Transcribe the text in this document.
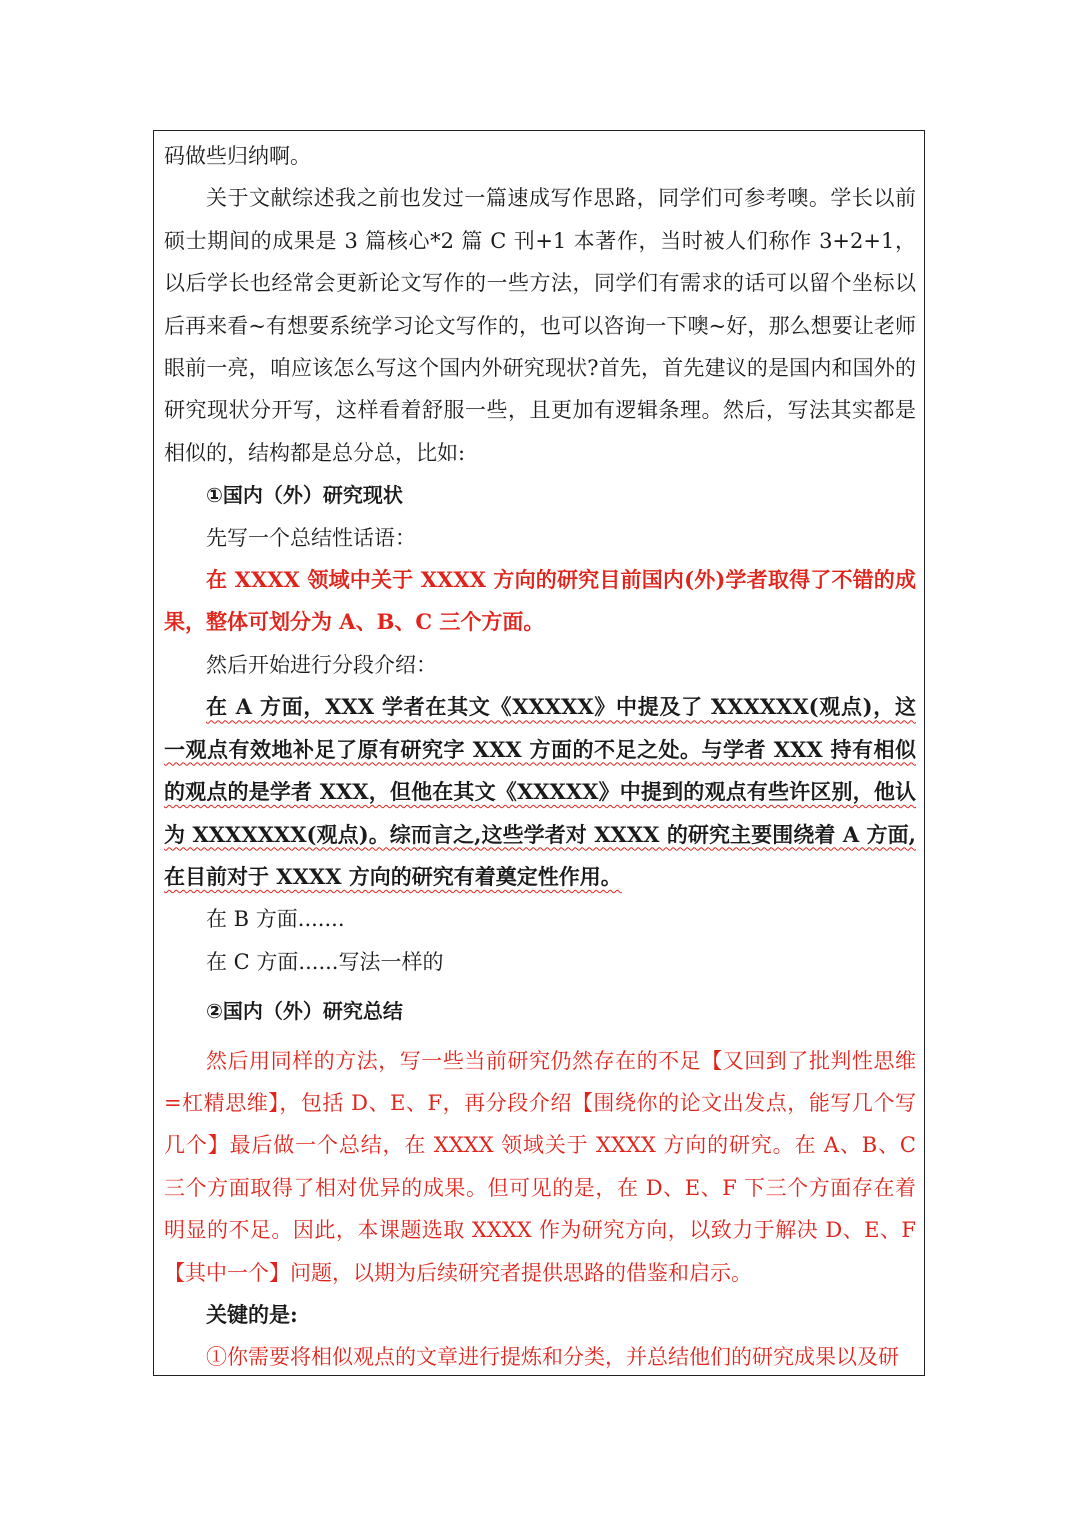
码做些归纳啊。

关于文献综述我之前也发过一篇速成写作思路，同学们可参考噢。学长以前硕士期间的成果是 3 篇核心*2 篇 C 刊+1 本著作，当时被人们称作 3+2+1，以后学长也经常会更新论文写作的一些方法，同学们有需求的话可以留个坐标以后再来看~有想要系统学习论文写作的，也可以咨询一下噢~好，那么想要让老师眼前一亮，咱应该怎么写这个国内外研究现状?首先，首先建议的是国内和国外的研究现状分开写，这样看着舒服一些，且更加有逻辑条理。然后，写法其实都是相似的，结构都是总分总，比如:

①国内（外）研究现状

先写一个总结性话语：

在 XXXX 领域中关于 XXXX 方向的研究目前国内(外)学者取得了不错的成果，整体可划分为 A、B、C 三个方面。

然后开始进行分段介绍：

在 A 方面，XXX 学者在其文《XXXXX》中提及了 XXXXXX(观点)，这一观点有效地补足了原有研究字 XXX 方面的不足之处。与学者 XXX 持有相似的观点的是学者 XXX，但他在其文《XXXXX》中提到的观点有些许区别，他认为 XXXXXXX(观点)。综而言之,这些学者对 XXXX 的研究主要围绕着 A 方面,在目前对于 XXXX 方向的研究有着奠定性作用。

在 B 方面.......

在 C 方面......写法一样的

②国内（外）研究总结

然后用同样的方法，写一些当前研究仍然存在的不足【又回到了批判性思维=杠精思维】，包括 D、E、F，再分段介绍【围绕你的论文出发点，能写几个写几个】最后做一个总结，在 XXXX 领域关于 XXXX 方向的研究。在 A、B、C 三个方面取得了相对优异的成果。但可见的是，在 D、E、F 下三个方面存在着明显的不足。因此，本课题选取 XXXX 作为研究方向，以致力于解决 D、E、F【其中一个】问题，以期为后续研究者提供思路的借鉴和启示。

关键的是:

①你需要将相似观点的文章进行提炼和分类，并总结他们的研究成果以及研
